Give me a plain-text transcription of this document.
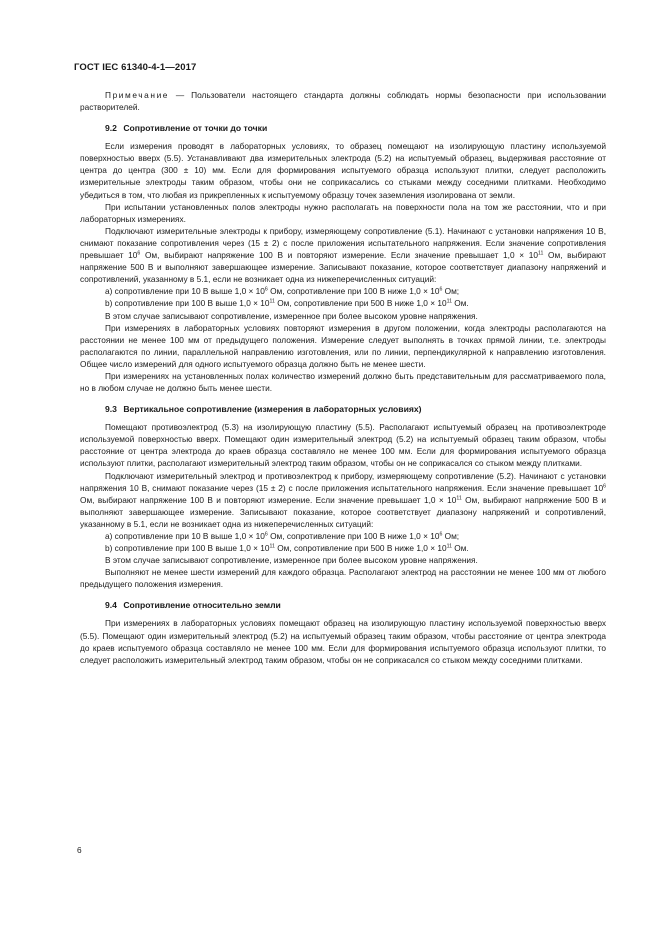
ГОСТ IEC 61340-4-1—2017

Примечание — Пользователи настоящего стандарта должны соблюдать нормы безопасности при использовании растворителей.

9.2 Сопротивление от точки до точки

Если измерения проводят в лабораторных условиях, то образец помещают на изолирующую пластину используемой поверхностью вверх (5.5). Устанавливают два измерительных электрода (5.2) на испытуемый образец, выдерживая расстояние от центра до центра (300 ± 10) мм. Если для формирования испытуемого образца используют плитки, следует расположить измерительные электроды таким образом, чтобы они не соприкасались со стыками между соседними плитками. Необходимо убедиться в том, что любая из прикрепленных к испытуемому образцу точек заземления изолирована от земли.

При испытании установленных полов электроды нужно располагать на поверхности пола на том же расстоянии, что и при лабораторных измерениях.

Подключают измерительные электроды к прибору, измеряющему сопротивление (5.1). Начинают с установки напряжения 10 В, снимают показание сопротивления через (15 ± 2) с после приложения испытательного напряжения. Если значение сопротивления превышает $10^6$ Ом, выбирают напряжение 100 В и повторяют измерение. Если значение превышает $1,0 \times 10^{11}$ Ом, выбирают напряжение 500 В и выполняют завершающее измерение. Записывают показание, которое соответствует диапазону напряжений и сопротивлений, указанному в 5.1, если не возникает одна из нижеперечисленных ситуаций:

а) сопротивление при 10 В выше $1,0 \times 10^6$ Ом, сопротивление при 100 В ниже $1,0 \times 10^6$ Ом;

b) сопротивление при 100 В выше $1,0 \times 10^{11}$ Ом, сопротивление при 500 В ниже $1,0 \times 10^{11}$ Ом.

В этом случае записывают сопротивление, измеренное при более высоком уровне напряжения.

При измерениях в лабораторных условиях повторяют измерения в другом положении, когда электроды располагаются на расстоянии не менее 100 мм от предыдущего положения. Измерение следует выполнять в точках прямой линии, т.е. электроды располагаются по линии, параллельной направлению изготовления, или по линии, перпендикулярной к направлению изготовления. Общее число измерений для одного испытуемого образца должно быть не менее шести.

При измерениях на установленных полах количество измерений должно быть представительным для рассматриваемого пола, но в любом случае не должно быть менее шести.

9.3 Вертикальное сопротивление (измерения в лабораторных условиях)

Помещают противоэлектрод (5.3) на изолирующую пластину (5.5). Располагают испытуемый образец на противоэлектроде используемой поверхностью вверх. Помещают один измерительный электрод (5.2) на испытуемый образец таким образом, чтобы расстояние от центра электрода до краев образца составляло не менее 100 мм. Если для формирования испытуемого образца используют плитки, располагают измерительный электрод таким образом, чтобы он не соприкасался со стыком между плитками.

Подключают измерительный электрод и противоэлектрод к прибору, измеряющему сопротивление (5.2). Начинают с установки напряжения 10 В, снимают показание через (15 ± 2) с после приложения испытательного напряжения. Если значение превышает $10^6$ Ом, выбирают напряжение 100 В и повторяют измерение. Если значение превышает $1,0 \times 10^{11}$ Ом, выбирают напряжение 500 В и выполняют завершающее измерение. Записывают показание, которое соответствует диапазону напряжений и сопротивлений, указанному в 5.1, если не возникает одна из нижеперечисленных ситуаций:

а) сопротивление при 10 В выше $1,0 \times 10^6$ Ом, сопротивление при 100 В ниже $1,0 \times 10^6$ Ом;

b) сопротивление при 100 В выше $1,0 \times 10^{11}$ Ом, сопротивление при 500 В ниже $1,0 \times 10^{11}$ Ом.

В этом случае записывают сопротивление, измеренное при более высоком уровне напряжения.

Выполняют не менее шести измерений для каждого образца. Располагают электрод на расстоянии не менее 100 мм от любого предыдущего положения измерения.

9.4 Сопротивление относительно земли

При измерениях в лабораторных условиях помещают образец на изолирующую пластину используемой поверхностью вверх (5.5). Помещают один измерительный электрод (5.2) на испытуемый образец таким образом, чтобы расстояние от центра электрода до краев испытуемого образца составляло не менее 100 мм. Если для формирования испытуемого образца используют плитки, то следует расположить измерительный электрод таким образом, чтобы он не соприкасался со стыком между соседними плитками.

6
